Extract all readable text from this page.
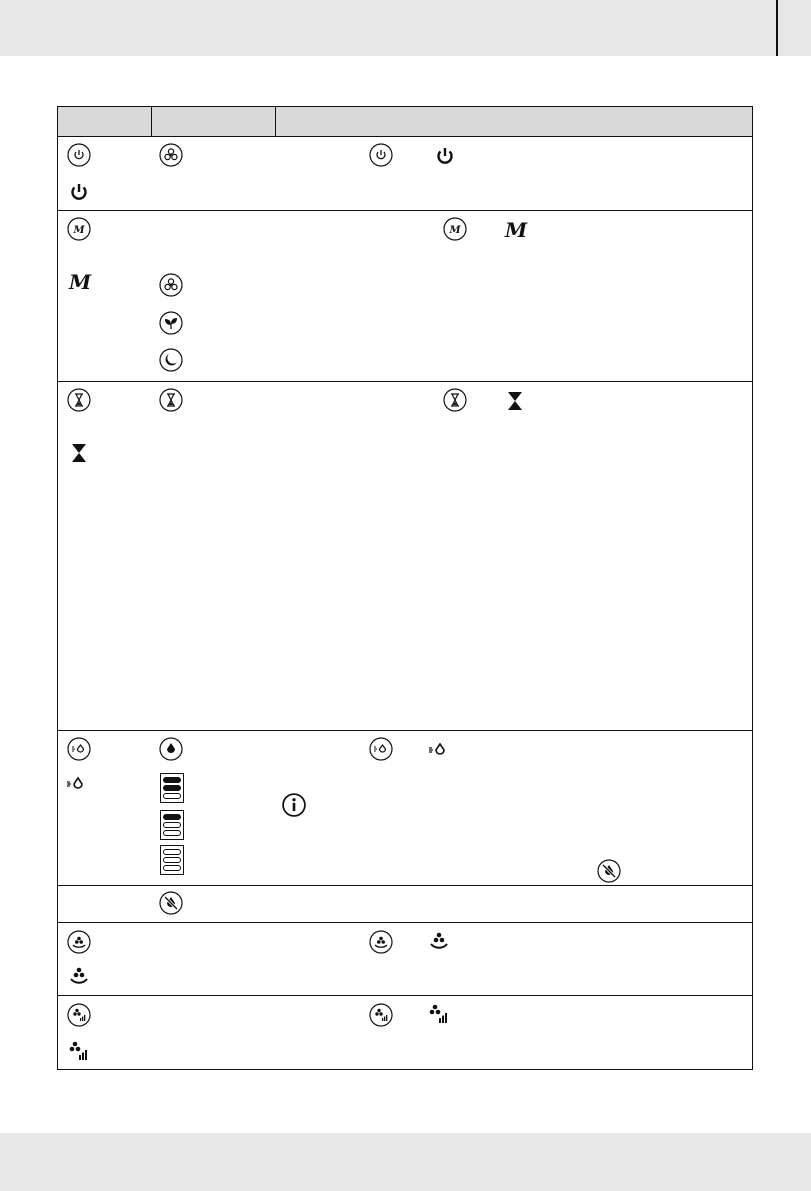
M
M
M M
